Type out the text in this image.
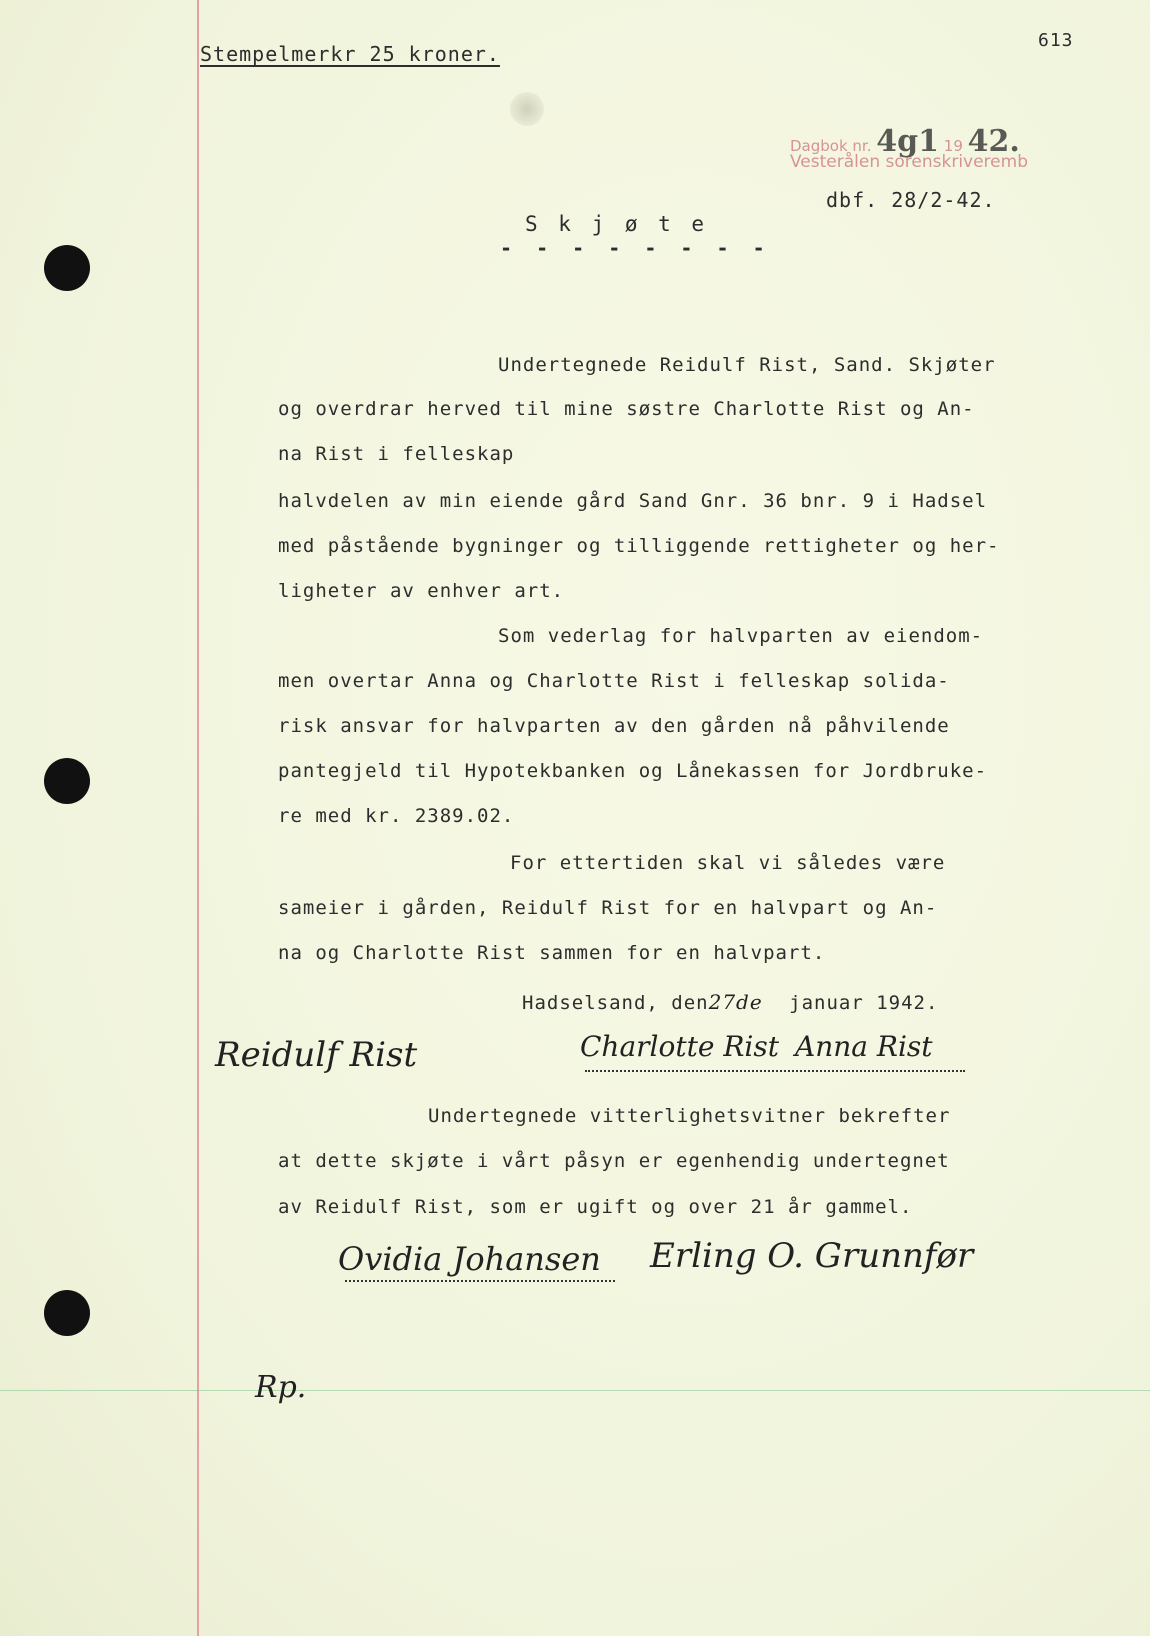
Stempelmerkr 25 kroner.
613
Dagbok nr. 4g1 19 42.
Vesterålen sorenskriveremb
dbf. 28/2-42.
S k j ø t e
- - - - - - - -
Undertegnede Reidulf Rist, Sand. Skjøter
og overdrar herved til mine søstre Charlotte Rist og An-
na Rist i felleskap
halvdelen av min eiende gård Sand Gnr. 36 bnr. 9 i Hadsel
med påstående bygninger og tilliggende rettigheter og her-
ligheter av enhver art.
Som vederlag for halvparten av eiendom-
men overtar Anna og Charlotte Rist i felleskap solida-
risk ansvar for halvparten av den gården nå påhvilende
pantegjeld til Hypotekbanken og Lånekassen for Jordbruke-
re med kr. 2389.02.
For ettertiden skal vi således være
sameier i gården, Reidulf Rist for en halvpart og An-
na og Charlotte Rist sammen for en halvpart.
Hadselsand, den27de januar 1942.
Reidulf Rist	Charlotte Rist Anna Rist
Undertegnede vitterlighetsvitner bekrefter
at dette skjøte i vårt påsyn er egenhendig undertegnet
av Reidulf Rist, som er ugift og over 21 år gammel.
Ovidia Johansen Erling O. Grunnfør
Rp.
